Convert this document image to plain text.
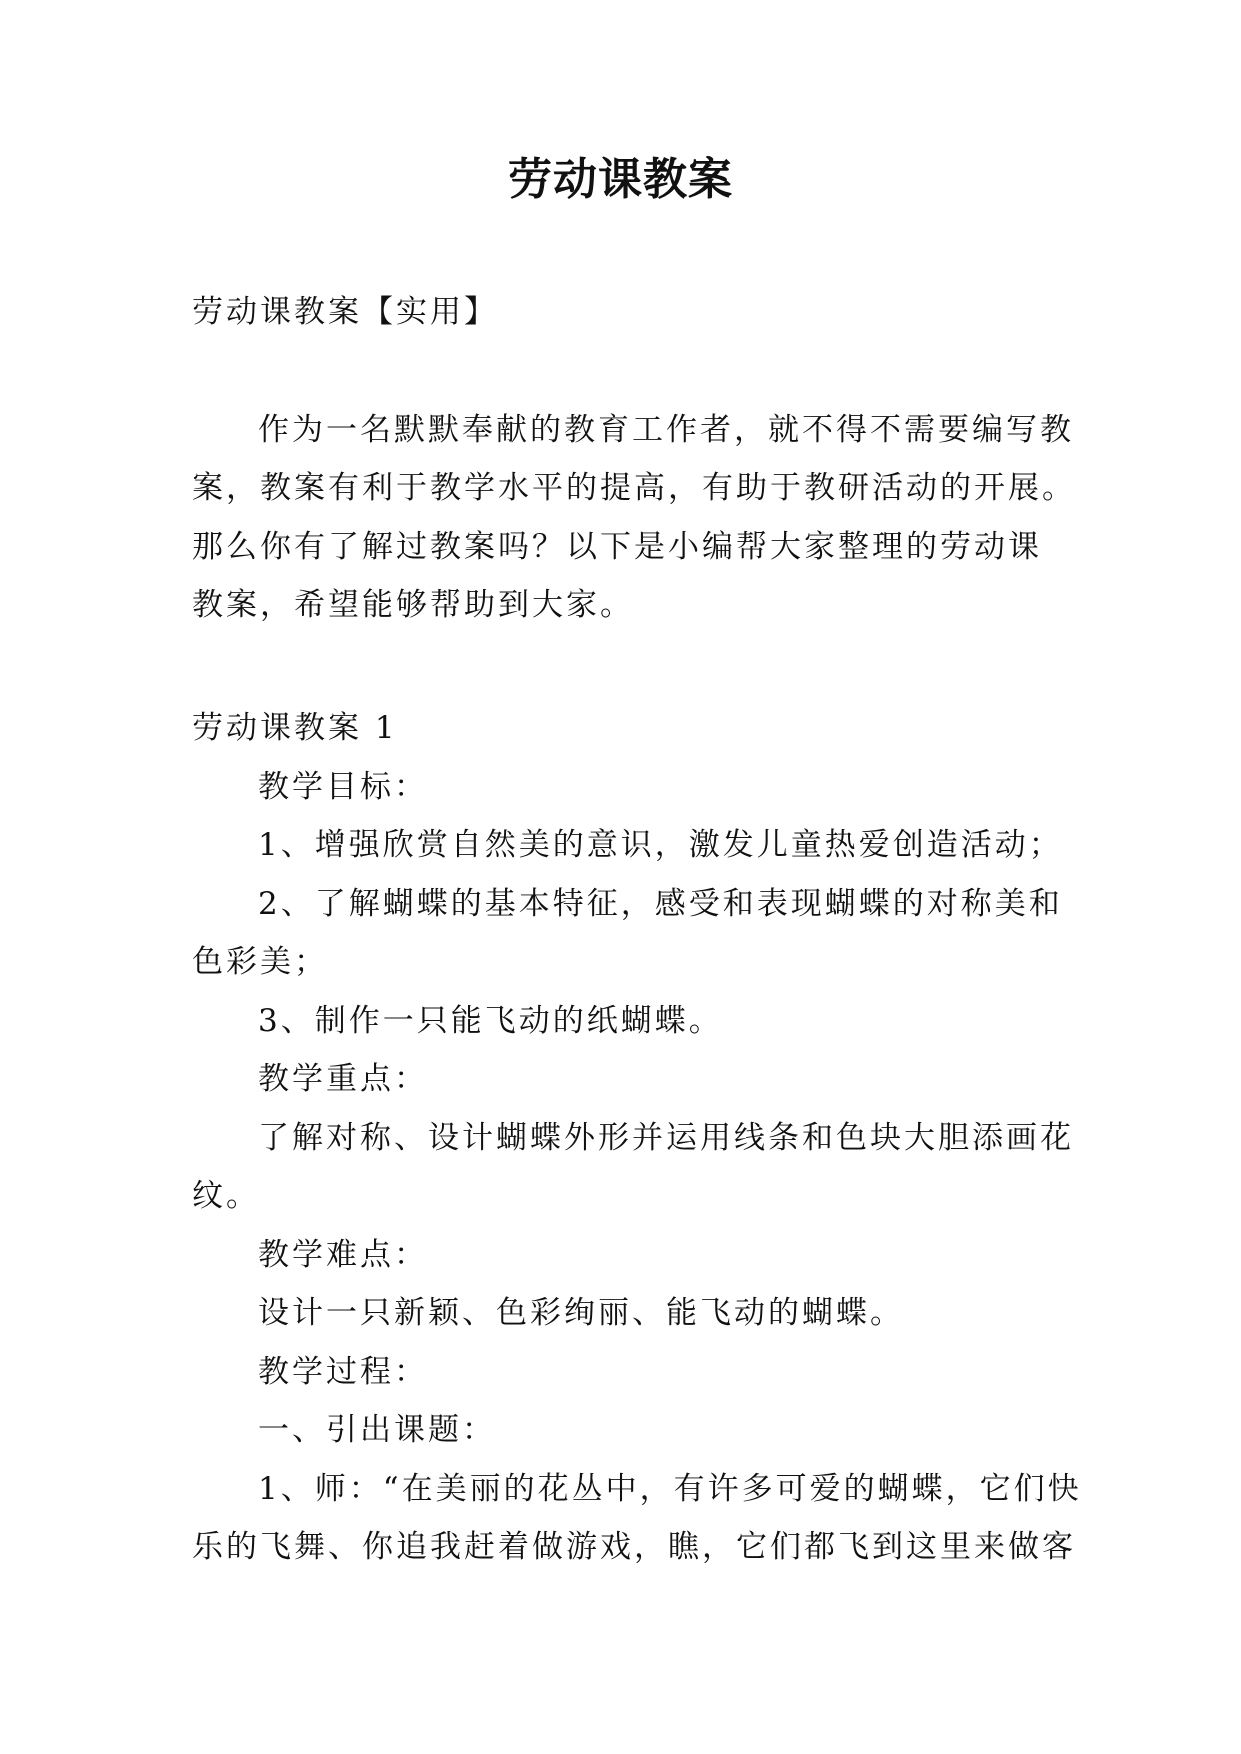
劳动课教案
劳动课教案【实用】
作为一名默默奉献的教育工作者，就不得不需要编写教
案，教案有利于教学水平的提高，有助于教研活动的开展。
那么你有了解过教案吗？以下是小编帮大家整理的劳动课
教案，希望能够帮助到大家。
劳动课教案 1
教学目标：
1、增强欣赏自然美的意识，激发儿童热爱创造活动；
2、了解蝴蝶的基本特征，感受和表现蝴蝶的对称美和
色彩美；
3、制作一只能飞动的纸蝴蝶。
教学重点：
了解对称、设计蝴蝶外形并运用线条和色块大胆添画花
纹。
教学难点：
设计一只新颖、色彩绚丽、能飞动的蝴蝶。
教学过程：
一、引出课题：
1、师：“在美丽的花丛中，有许多可爱的蝴蝶，它们快
乐的飞舞、你追我赶着做游戏，瞧，它们都飞到这里来做客
